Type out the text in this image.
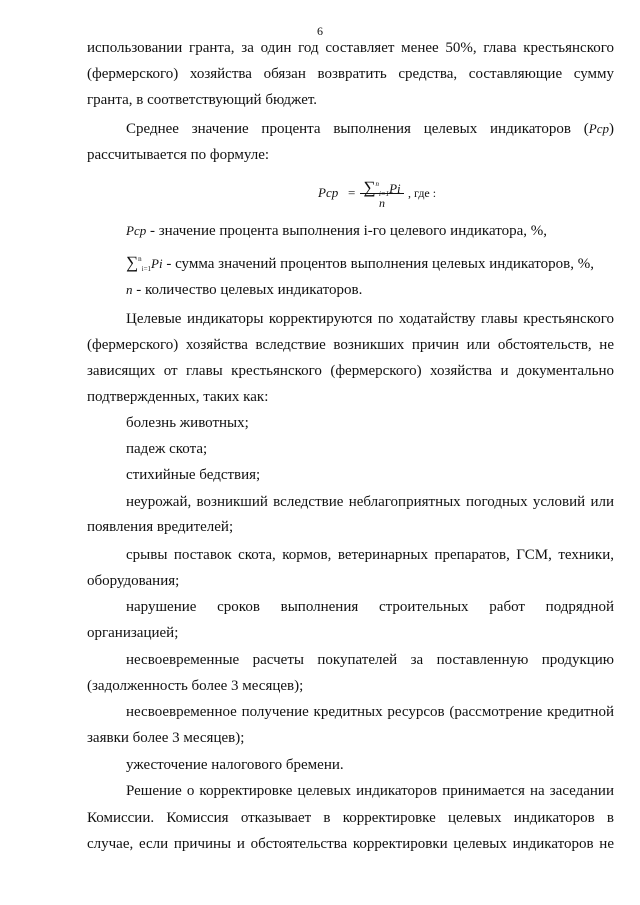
6
использовании гранта, за один год составляет менее 50%, глава крестьянского
(фермерского) хозяйства обязан возвратить средства, составляющие сумму
гранта, в соответствующий бюджет.
Среднее значение процента выполнения целевых индикаторов (Pcp)
рассчитывается по формуле:
Pcp = ∑$^n_{i=1}$Pi
n
, где :
Pcp - значение процента выполнения i-го целевого индикатора, %,
∑$^n_{i=1}$Pi - сумма значений процентов выполнения целевых индикаторов, %,
n - количество целевых индикаторов.
Целевые индикаторы корректируются по ходатайству главы крестьянского
(фермерского) хозяйства вследствие возникших причин или обстоятельств, не
зависящих от главы крестьянского (фермерского) хозяйства и документально
подтвержденных, таких как:
болезнь животных;
падеж скота;
стихийные бедствия;
неурожай, возникший вследствие неблагоприятных погодных условий или
появления вредителей;
срывы поставок скота, кормов, ветеринарных препаратов, ГСМ, техники,
оборудования;
нарушение сроков выполнения строительных работ подрядной
организацией;
несвоевременные расчеты покупателей за поставленную продукцию
(задолженность более 3 месяцев);
несвоевременное получение кредитных ресурсов (рассмотрение кредитной
заявки более 3 месяцев);
ужесточение налогового бремени.
Решение о корректировке целевых индикаторов принимается на заседании
Комиссии. Комиссия отказывает в корректировке целевых индикаторов в
случае, если причины и обстоятельства корректировки целевых индикаторов не
